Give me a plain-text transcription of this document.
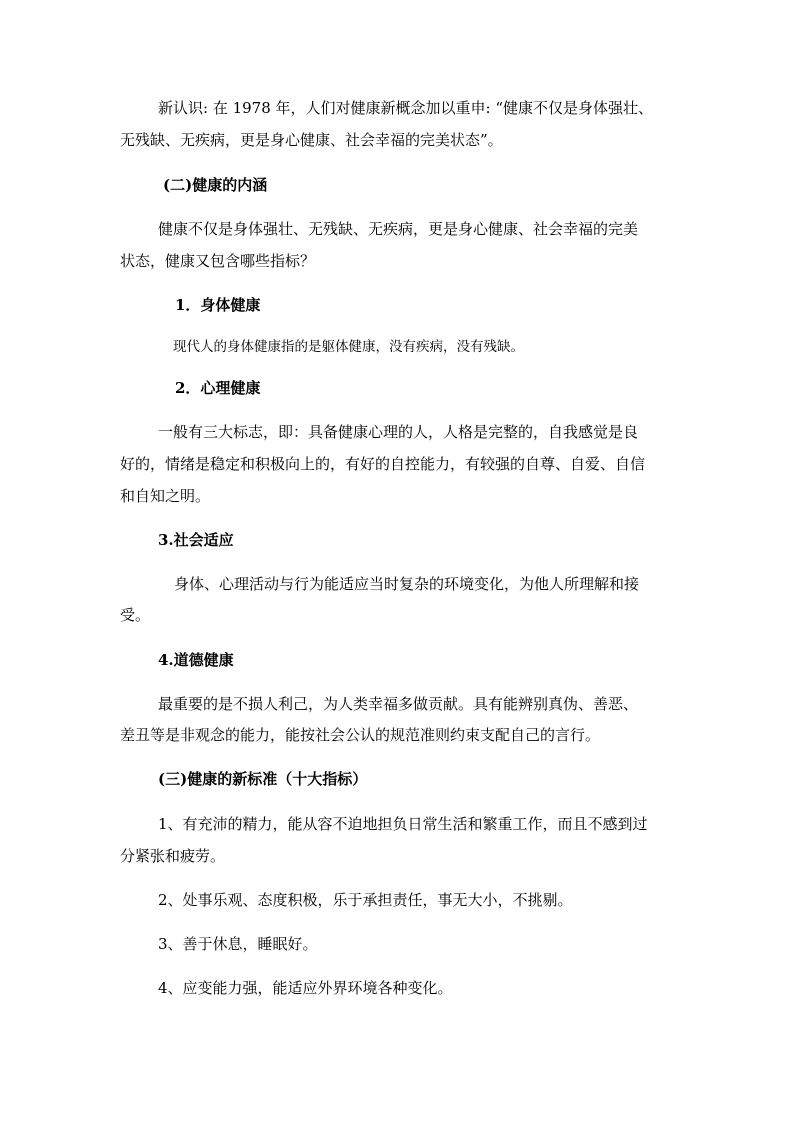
新认识: 在 1978 年，人们对健康新概念加以重申: “健康不仅是身体强壮、
无残缺、无疾病，更是身心健康、社会幸福的完美状态”。
(二)健康的内涵
健康不仅是身体强壮、无残缺、无疾病，更是身心健康、社会幸福的完美
状态，健康又包含哪些指标？
1．身体健康
现代人的身体健康指的是躯体健康，没有疾病，没有残缺。
2．心理健康
一般有三大标志，即：具备健康心理的人，人格是完整的，自我感觉是良
好的，情绪是稳定和积极向上的，有好的自控能力，有较强的自尊、自爱、自信
和自知之明。
3.社会适应
身体、心理活动与行为能适应当时复杂的环境变化，为他人所理解和接
受。
4.道德健康
最重要的是不损人利己，为人类幸福多做贡献。具有能辨别真伪、善恶、
差丑等是非观念的能力，能按社会公认的规范准则约束支配自己的言行。
(三)健康的新标准（十大指标）
1、有充沛的精力，能从容不迫地担负日常生活和繁重工作，而且不感到过
分紧张和疲劳。
2、处事乐观、态度积极，乐于承担责任，事无大小，不挑剔。
3、善于休息，睡眠好。
4、应变能力强，能适应外界环境各种变化。
